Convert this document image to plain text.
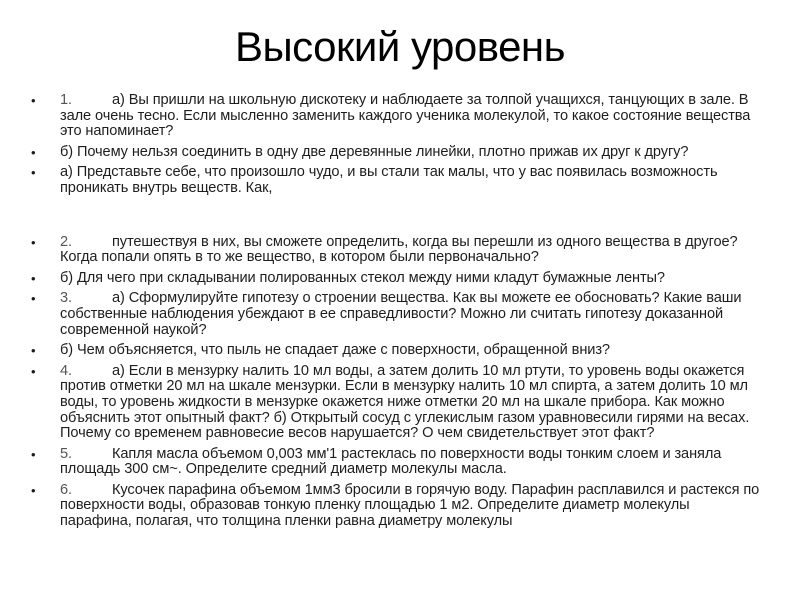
Высокий уровень
• 1.	а) Вы пришли на школьную дискотеку и наблюдаете за толпой учащихся, танцующих в зале. В зале очень тесно. Если мысленно заменить каждого ученика молекулой, то какое состояние вещества это напоминает?
• б) Почему нельзя соединить в одну две деревянные линейки, плотно прижав их друг к другу?
• а) Представьте себе, что произошло чудо, и вы стали так малы, что у вас появилась возможность проникать внутрь веществ. Как,
• 2.	путешествуя в них, вы сможете определить, когда вы перешли из одного вещества в другое? Когда попали опять в то же вещество, в котором были первоначально?
• б) Для чего при складывании полированных стекол между ними кладут бумажные ленты?
• 3.	а) Сформулируйте гипотезу о строении вещества. Как вы можете ее обосновать? Какие ваши собственные наблюдения убеждают в ее справедливости? Можно ли считать гипотезу доказанной современной наукой?
• б) Чем объясняется, что пыль не спадает даже с поверхности, обращенной вниз?
• 4.	а) Если в мензурку налить 10 мл воды, а затем долить 10 мл ртути, то уровень воды окажется против отметки 20 мл на шкале мензурки. Если в мензурку налить 10 мл спирта, а затем долить 10 мл воды, то уровень жидкости в мензурке окажется ниже отметки 20 мл на шкале прибора. Как можно объяснить этот опытный факт? б) Открытый сосуд с углекислым газом уравновесили гирями на весах. Почему со временем равновесие весов нарушается? О чем свидетельствует этот факт?
• 5.	Капля масла объемом 0,003 мм'1 растеклась по поверхности воды тонким слоем и заняла площадь 300 см~. Определите средний диаметр молекулы масла.
• 6.	Кусочек парафина объемом 1мм3 бросили в горячую воду. Парафин расплавился и растекся по поверхности воды, образовав тонкую пленку площадью 1 м2. Определите диаметр молекулы парафина, полагая, что толщина пленки равна диаметру молекулы
